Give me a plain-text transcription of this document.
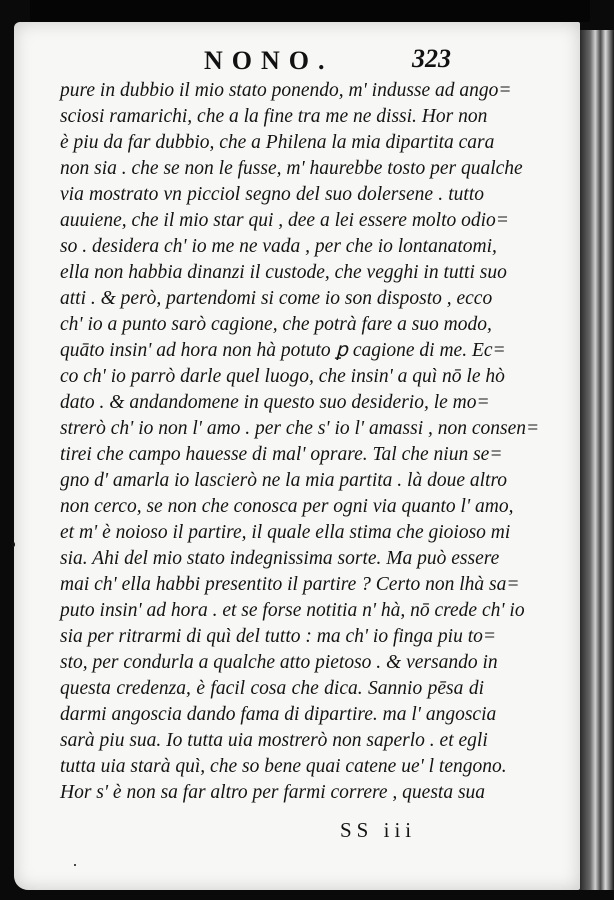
NONO.	323
pure in dubbio il mio stato ponendo, m' indusse ad ango=
sciosi ramarichi, che a la fine tra me ne dissi. Hor non
è piu da far dubbio, che a Philena la mia dipartita cara
non sia . che se non le fusse, m' haurebbe tosto per qualche
via mostrato vn picciol segno del suo dolersene . tutto
auuiene, che il mio star qui , dee a lei essere molto odio=
so . desidera ch' io me ne vada , per che io lontanatomi,
ella non habbia dinanzi il custode, che vegghi in tutti suo
atti . & però, partendomi si come io son disposto , ecco
ch' io a punto sarò cagione, che potrà fare a suo modo,
quāto insin' ad hora non hà potuto ꝑ cagione di me. Ec=
co ch' io parrò darle quel luogo, che insin' a quì nō le hò
dato . & andandomene in questo suo desiderio, le mo=
strerò ch' io non l' amo . per che s' io l' amassi , non consen=
tirei che campo hauesse di mal' oprare. Tal che niun se=
gno d' amarla io lascierò ne la mia partita . là doue altro
non cerco, se non che conosca per ogni via quanto l' amo,
et m' è noioso il partire, il quale ella stima che gioioso mi
sia. Ahi del mio stato indegnissima sorte. Ma può essere
mai ch' ella habbi presentito il partire ? Certo non lhà sa=
puto insin' ad hora . et se forse notitia n' hà, nō crede ch' io
sia per ritrarmi di quì del tutto : ma ch' io finga piu to=
sto, per condurla a qualche atto pietoso . & versando in
questa credenza, è facil cosa che dica. Sannio pēsa di
darmi angoscia dando fama di dipartire. ma l' angoscia
sarà piu sua. Io tutta uia mostrerò non saperlo . et egli
tutta uia starà quì, che so bene quai catene ue' l tengono.
Hor s' è non sa far altro per farmi correre , questa sua
SS iii
